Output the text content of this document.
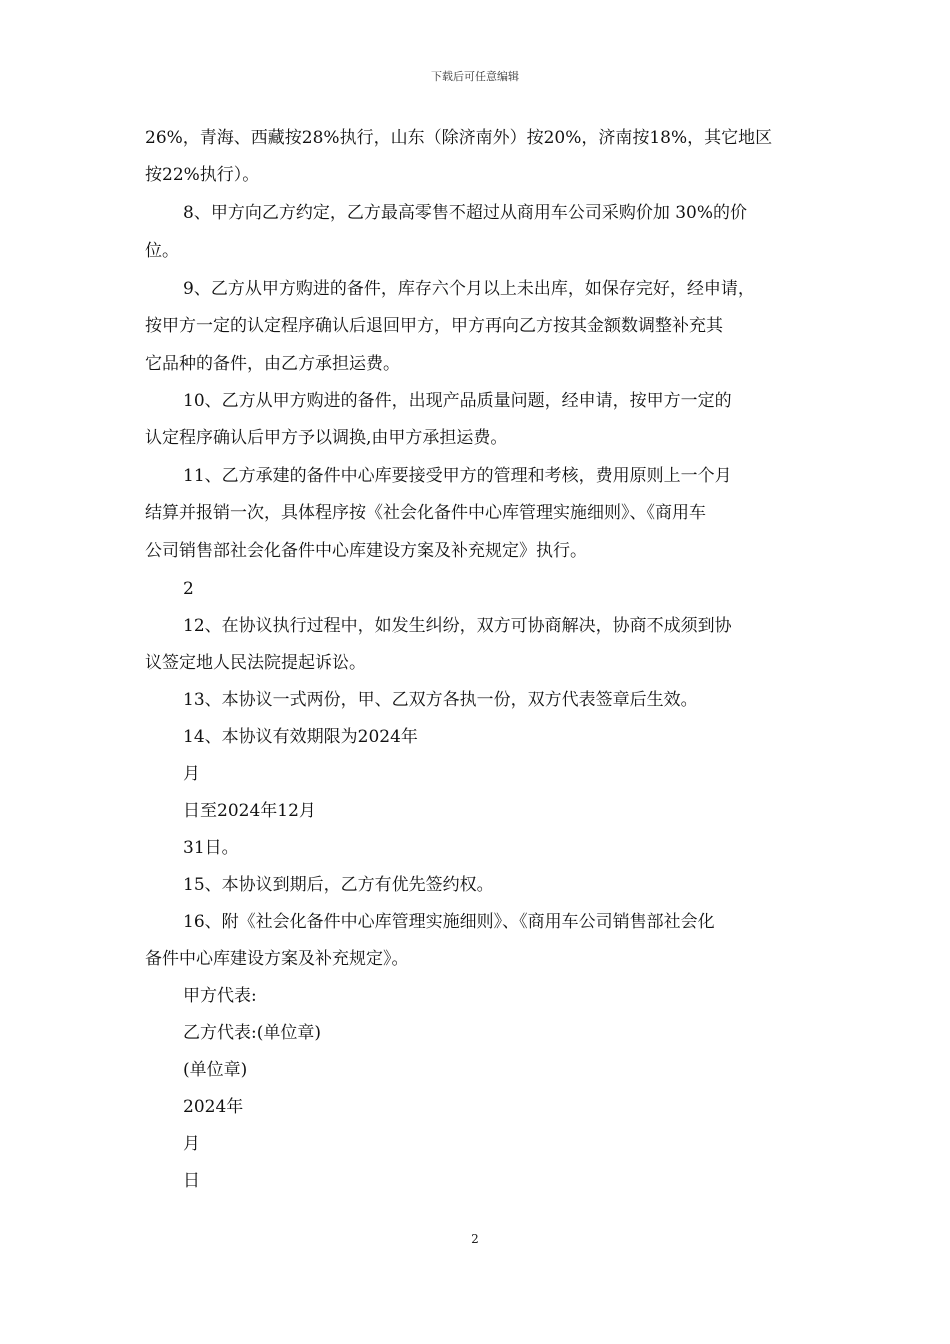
下载后可任意编辑
26%，青海、西藏按28%执行，山东（除济南外）按20%，济南按18%，其它地区
按22%执行）。
8、甲方向乙方约定，乙方最高零售不超过从商用车公司采购价加 30%的价
位。
9、乙方从甲方购进的备件，库存六个月以上未出库，如保存完好，经申请，
按甲方一定的认定程序确认后退回甲方，甲方再向乙方按其金额数调整补充其
它品种的备件，由乙方承担运费。
10、乙方从甲方购进的备件，出现产品质量问题，经申请，按甲方一定的
认定程序确认后甲方予以调换,由甲方承担运费。
11、乙方承建的备件中心库要接受甲方的管理和考核，费用原则上一个月
结算并报销一次，具体程序按《社会化备件中心库管理实施细则》、《商用车
公司销售部社会化备件中心库建设方案及补充规定》执行。
2
12、在协议执行过程中，如发生纠纷，双方可协商解决，协商不成须到协
议签定地人民法院提起诉讼。
13、本协议一式两份，甲、乙双方各执一份，双方代表签章后生效。
14、本协议有效期限为2024年
月
日至2024年12月
31日。
15、本协议到期后，乙方有优先签约权。
16、附《社会化备件中心库管理实施细则》、《商用车公司销售部社会化
备件中心库建设方案及补充规定》。
甲方代表:
乙方代表:(单位章)
(单位章)
2024年
月
日
2
